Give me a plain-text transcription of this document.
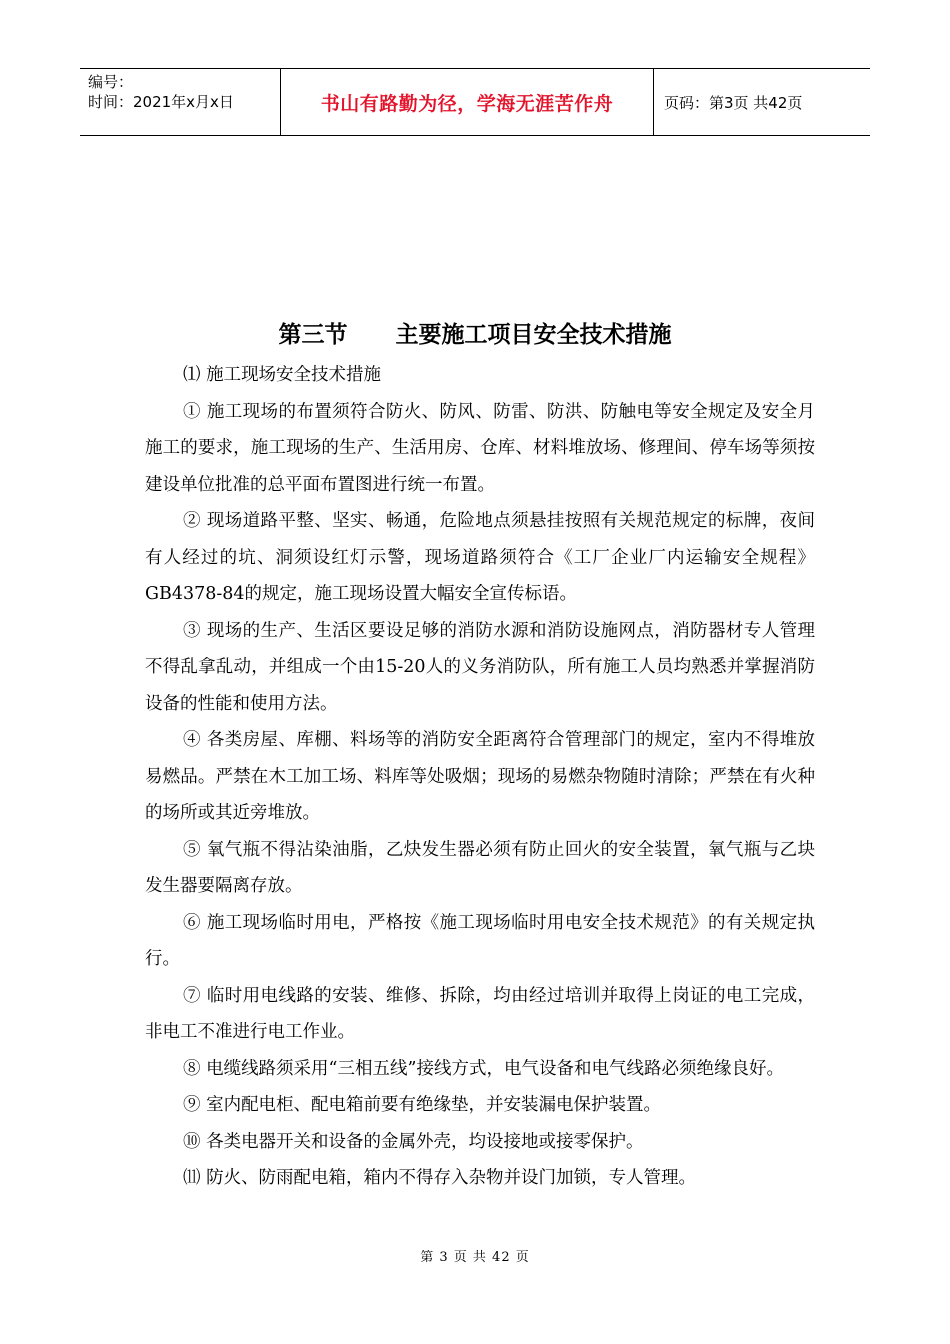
编号：
时间：2021年x月x日	书山有路勤为径，学海无涯苦作舟	页码：第3页 共42页
第三节      主要施工项目安全技术措施

⑴ 施工现场安全技术措施

① 施工现场的布置须符合防火、防风、防雷、防洪、防触电等安全规定及安全月施工的要求，施工现场的生产、生活用房、仓库、材料堆放场、修理间、停车场等须按建设单位批准的总平面布置图进行统一布置。

② 现场道路平整、坚实、畅通，危险地点须悬挂按照有关规范规定的标牌，夜间有人经过的坑、洞须设红灯示警，现场道路须符合《工厂企业厂内运输安全规程》GB4378-84的规定，施工现场设置大幅安全宣传标语。

③ 现场的生产、生活区要设足够的消防水源和消防设施网点，消防器材专人管理不得乱拿乱动，并组成一个由15-20人的义务消防队，所有施工人员均熟悉并掌握消防设备的性能和使用方法。

④ 各类房屋、库棚、料场等的消防安全距离符合管理部门的规定，室内不得堆放易燃品。严禁在木工加工场、料库等处吸烟；现场的易燃杂物随时清除；严禁在有火种的场所或其近旁堆放。

⑤ 氧气瓶不得沾染油脂，乙炔发生器必须有防止回火的安全装置，氧气瓶与乙块发生器要隔离存放。

⑥ 施工现场临时用电，严格按《施工现场临时用电安全技术规范》的有关规定执行。

⑦ 临时用电线路的安装、维修、拆除，均由经过培训并取得上岗证的电工完成，非电工不准进行电工作业。

⑧ 电缆线路须采用“三相五线”接线方式，电气设备和电气线路必须绝缘良好。

⑨ 室内配电柜、配电箱前要有绝缘垫，并安装漏电保护装置。

⑩ 各类电器开关和设备的金属外壳，均设接地或接零保护。

⑾ 防火、防雨配电箱，箱内不得存入杂物并设门加锁，专人管理。

第 3 页 共 42 页
